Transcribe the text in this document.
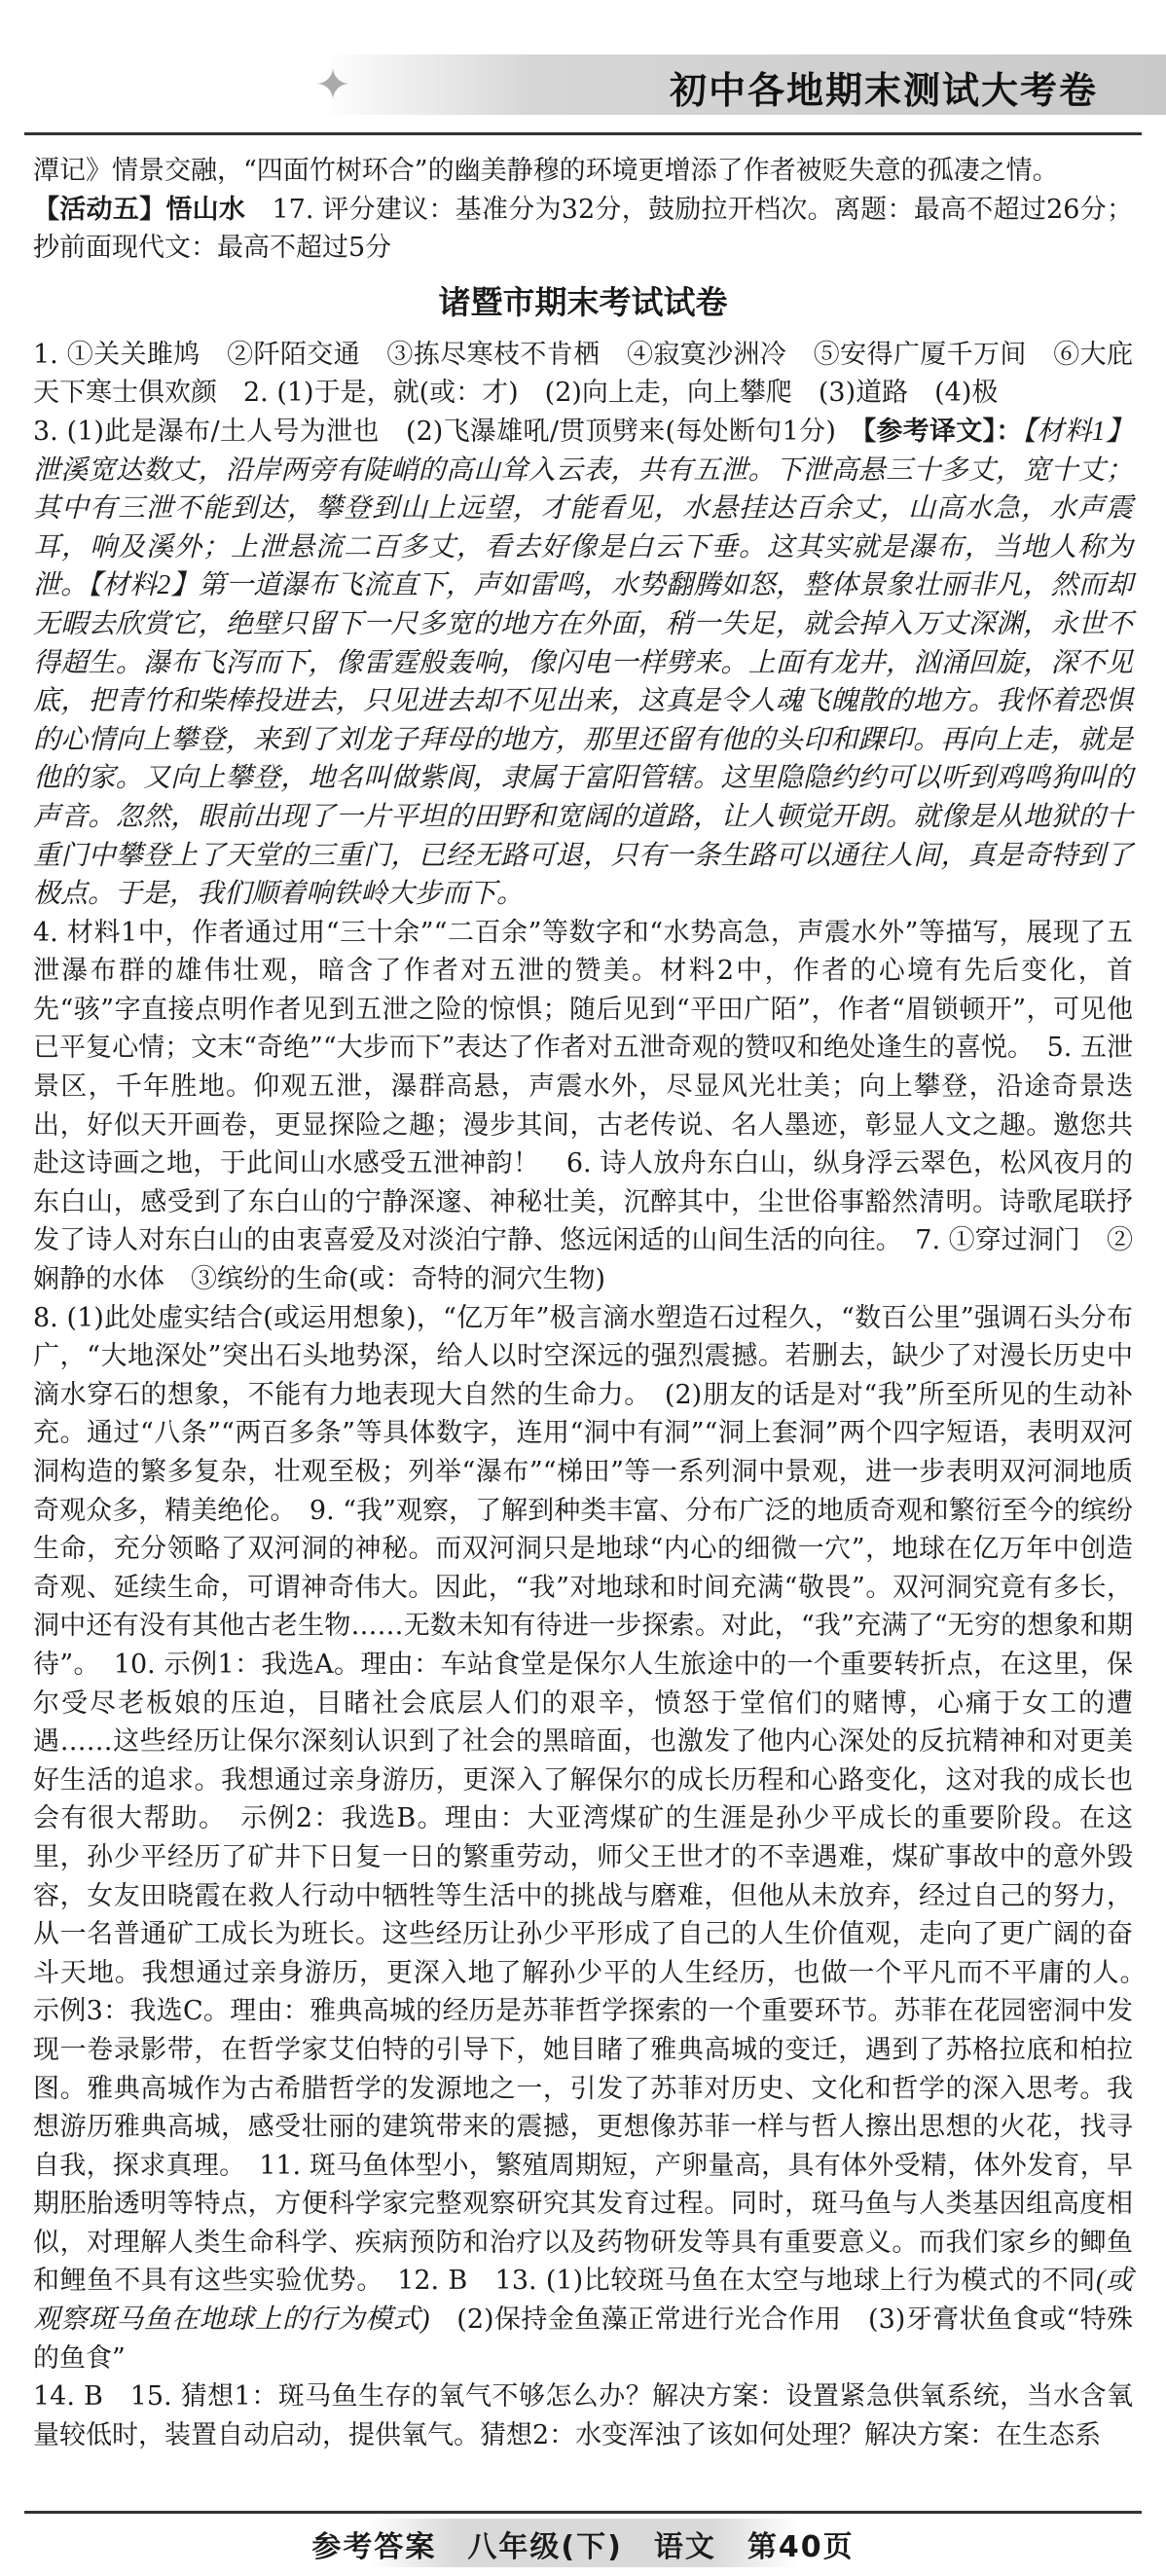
✦	初中各地期末测试大考卷

潭记》情景交融，“四面竹树环合”的幽美静穆的环境更增添了作者被贬失意的孤凄之情。

【活动五】悟山水　 17. 评分建议：基准分为32分，鼓励拉开档次。离题：最高不超过26分；抄前面现代文：最高不超过5分

诸暨市期末考试试卷

1. ①关关雎鸠　②阡陌交通　③拣尽寒枝不肯栖　④寂寞沙洲冷　⑤安得广厦千万间　⑥大庇天下寒士俱欢颜　2. (1)于是，就(或：才)　(2)向上走，向上攀爬　(3)道路　(4)极

3. (1)此是瀑布/土人号为泄也　(2)飞瀑雄吼/贯顶劈来(每处断句1分)　【参考译文】：【材料1】泄溪宽达数丈，沿岸两旁有陡峭的高山耸入云表，共有五泄。下泄高悬三十多丈，宽十丈；其中有三泄不能到达，攀登到山上远望，才能看见，水悬挂达百余丈，山高水急，水声震耳，响及溪外；上泄悬流二百多丈，看去好像是白云下垂。这其实就是瀑布，当地人称为泄。【材料2】第一道瀑布飞流直下，声如雷鸣，水势翻腾如怒，整体景象壮丽非凡，然而却无暇去欣赏它，绝壁只留下一尺多宽的地方在外面，稍一失足，就会掉入万丈深渊，永世不得超生。瀑布飞泻而下，像雷霆般轰响，像闪电一样劈来。上面有龙井，汹涌回旋，深不见底，把青竹和柴棒投进去，只见进去却不见出来，这真是令人魂飞魄散的地方。我怀着恐惧的心情向上攀登，来到了刘龙子拜母的地方，那里还留有他的头印和踝印。再向上走，就是他的家。又向上攀登，地名叫做紫阆，隶属于富阳管辖。这里隐隐约约可以听到鸡鸣狗叫的声音。忽然，眼前出现了一片平坦的田野和宽阔的道路，让人顿觉开朗。就像是从地狱的十重门中攀登上了天堂的三重门，已经无路可退，只有一条生路可以通往人间，真是奇特到了极点。于是，我们顺着响铁岭大步而下。

4. 材料1中，作者通过用“三十余”“二百余”等数字和“水势高急，声震水外”等描写，展现了五泄瀑布群的雄伟壮观，暗含了作者对五泄的赞美。材料2中，作者的心境有先后变化，首先“骇”字直接点明作者见到五泄之险的惊惧；随后见到“平田广陌”，作者“眉锁顿开”，可见他已平复心情；文末“奇绝”“大步而下”表达了作者对五泄奇观的赞叹和绝处逢生的喜悦。　5. 五泄景区，千年胜地。仰观五泄，瀑群高悬，声震水外，尽显风光壮美；向上攀登，沿途奇景迭出，好似天开画卷，更显探险之趣；漫步其间，古老传说、名人墨迹，彰显人文之趣。邀您共赴这诗画之地，于此间山水感受五泄神韵！　6. 诗人放舟东白山，纵身浮云翠色，松风夜月的东白山，感受到了东白山的宁静深邃、神秘壮美，沉醉其中，尘世俗事豁然清明。诗歌尾联抒发了诗人对东白山的由衷喜爱及对淡泊宁静、悠远闲适的山间生活的向往。　7. ①穿过洞门　②娴静的水体　③缤纷的生命(或：奇特的洞穴生物)

8. (1)此处虚实结合(或运用想象)，“亿万年”极言滴水塑造石过程久，“数百公里”强调石头分布广，“大地深处”突出石头地势深，给人以时空深远的强烈震撼。若删去，缺少了对漫长历史中滴水穿石的想象，不能有力地表现大自然的生命力。　(2)朋友的话是对“我”所至所见的生动补充。通过“八条”“两百多条”等具体数字，连用“洞中有洞”“洞上套洞”两个四字短语，表明双河洞构造的繁多复杂，壮观至极；列举“瀑布”“梯田”等一系列洞中景观，进一步表明双河洞地质奇观众多，精美绝伦。　9. “我”观察，了解到种类丰富、分布广泛的地质奇观和繁衍至今的缤纷生命，充分领略了双河洞的神秘。而双河洞只是地球“内心的细微一穴”，地球在亿万年中创造奇观、延续生命，可谓神奇伟大。因此，“我”对地球和时间充满“敬畏”。双河洞究竟有多长，洞中还有没有其他古老生物……无数未知有待进一步探索。对此，“我”充满了“无穷的想象和期待”。　10. 示例1：我选A。理由：车站食堂是保尔人生旅途中的一个重要转折点，在这里，保尔受尽老板娘的压迫，目睹社会底层人们的艰辛，愤怒于堂倌们的赌博，心痛于女工的遭遇……这些经历让保尔深刻认识到了社会的黑暗面，也激发了他内心深处的反抗精神和对更美好生活的追求。我想通过亲身游历，更深入了解保尔的成长历程和心路变化，这对我的成长也会有很大帮助。　示例2：我选B。理由：大亚湾煤矿的生涯是孙少平成长的重要阶段。在这里，孙少平经历了矿井下日复一日的繁重劳动，师父王世才的不幸遇难，煤矿事故中的意外毁容，女友田晓霞在救人行动中牺牲等生活中的挑战与磨难，但他从未放弃，经过自己的努力，从一名普通矿工成长为班长。这些经历让孙少平形成了自己的人生价值观，走向了更广阔的奋斗天地。我想通过亲身游历，更深入地了解孙少平的人生经历，也做一个平凡而不平庸的人。　示例3：我选C。理由：雅典高城的经历是苏菲哲学探索的一个重要环节。苏菲在花园密洞中发现一卷录影带，在哲学家艾伯特的引导下，她目睹了雅典高城的变迁，遇到了苏格拉底和柏拉图。雅典高城作为古希腊哲学的发源地之一，引发了苏菲对历史、文化和哲学的深入思考。我想游历雅典高城，感受壮丽的建筑带来的震撼，更想像苏菲一样与哲人擦出思想的火花，找寻自我，探求真理。　11. 斑马鱼体型小，繁殖周期短，产卵量高，具有体外受精，体外发育，早期胚胎透明等特点，方便科学家完整观察研究其发育过程。同时，斑马鱼与人类基因组高度相似，对理解人类生命科学、疾病预防和治疗以及药物研发等具有重要意义。而我们家乡的鲫鱼和鲤鱼不具有这些实验优势。　12. B　13. (1)比较斑马鱼在太空与地球上行为模式的不同(或观察斑马鱼在地球上的行为模式)　(2)保持金鱼藻正常进行光合作用　(3)牙膏状鱼食或“特殊的鱼食”

14. B　15. 猜想1：斑马鱼生存的氧气不够怎么办？解决方案：设置紧急供氧系统，当水含氧量较低时，装置自动启动，提供氧气。猜想2：水变浑浊了该如何处理？解决方案：在生态系

参考答案　八年级(下)　语文　第40页
